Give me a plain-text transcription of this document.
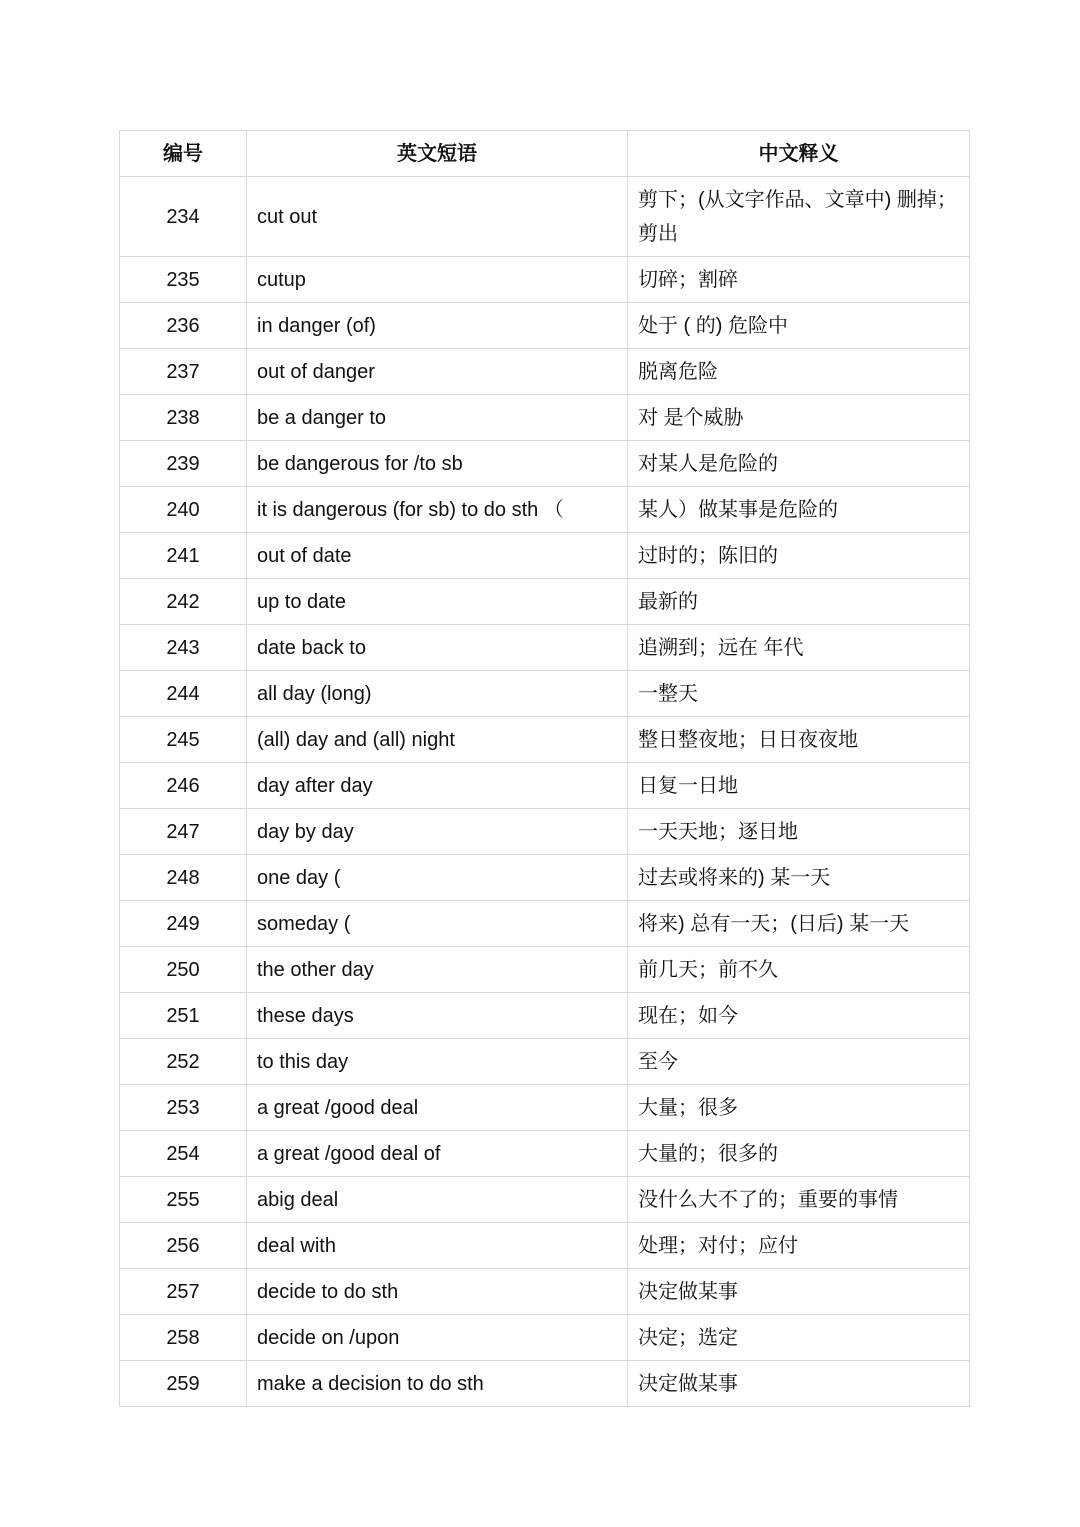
编号	英文短语	中文释义
234	cut out	剪下；(从文字作品、文章中) 删掉；剪出
235	cutup	切碎；割碎
236	in danger (of)	处于 ( 的) 危险中
237	out of danger	脱离危险
238	be a danger to	对 是个威胁
239	be dangerous for /to sb	对某人是危险的
240	it is dangerous (for sb) to do sth （	某人）做某事是危险的
241	out of date	过时的；陈旧的
242	up to date	最新的
243	date back to	追溯到；远在 年代
244	all day (long)	一整天
245	(all) day and (all) night	整日整夜地；日日夜夜地
246	day after day	日复一日地
247	day by day	一天天地；逐日地
248	one day (	过去或将来的) 某一天
249	someday (	将来) 总有一天；(日后) 某一天
250	the other day	前几天；前不久
251	these days	现在；如今
252	to this day	至今
253	a great /good deal	大量；很多
254	a great /good deal of	大量的；很多的
255	abig deal	没什么大不了的；重要的事情
256	deal with	处理；对付；应付
257	decide to do sth	决定做某事
258	decide on /upon	决定；选定
259	make a decision to do sth	决定做某事
